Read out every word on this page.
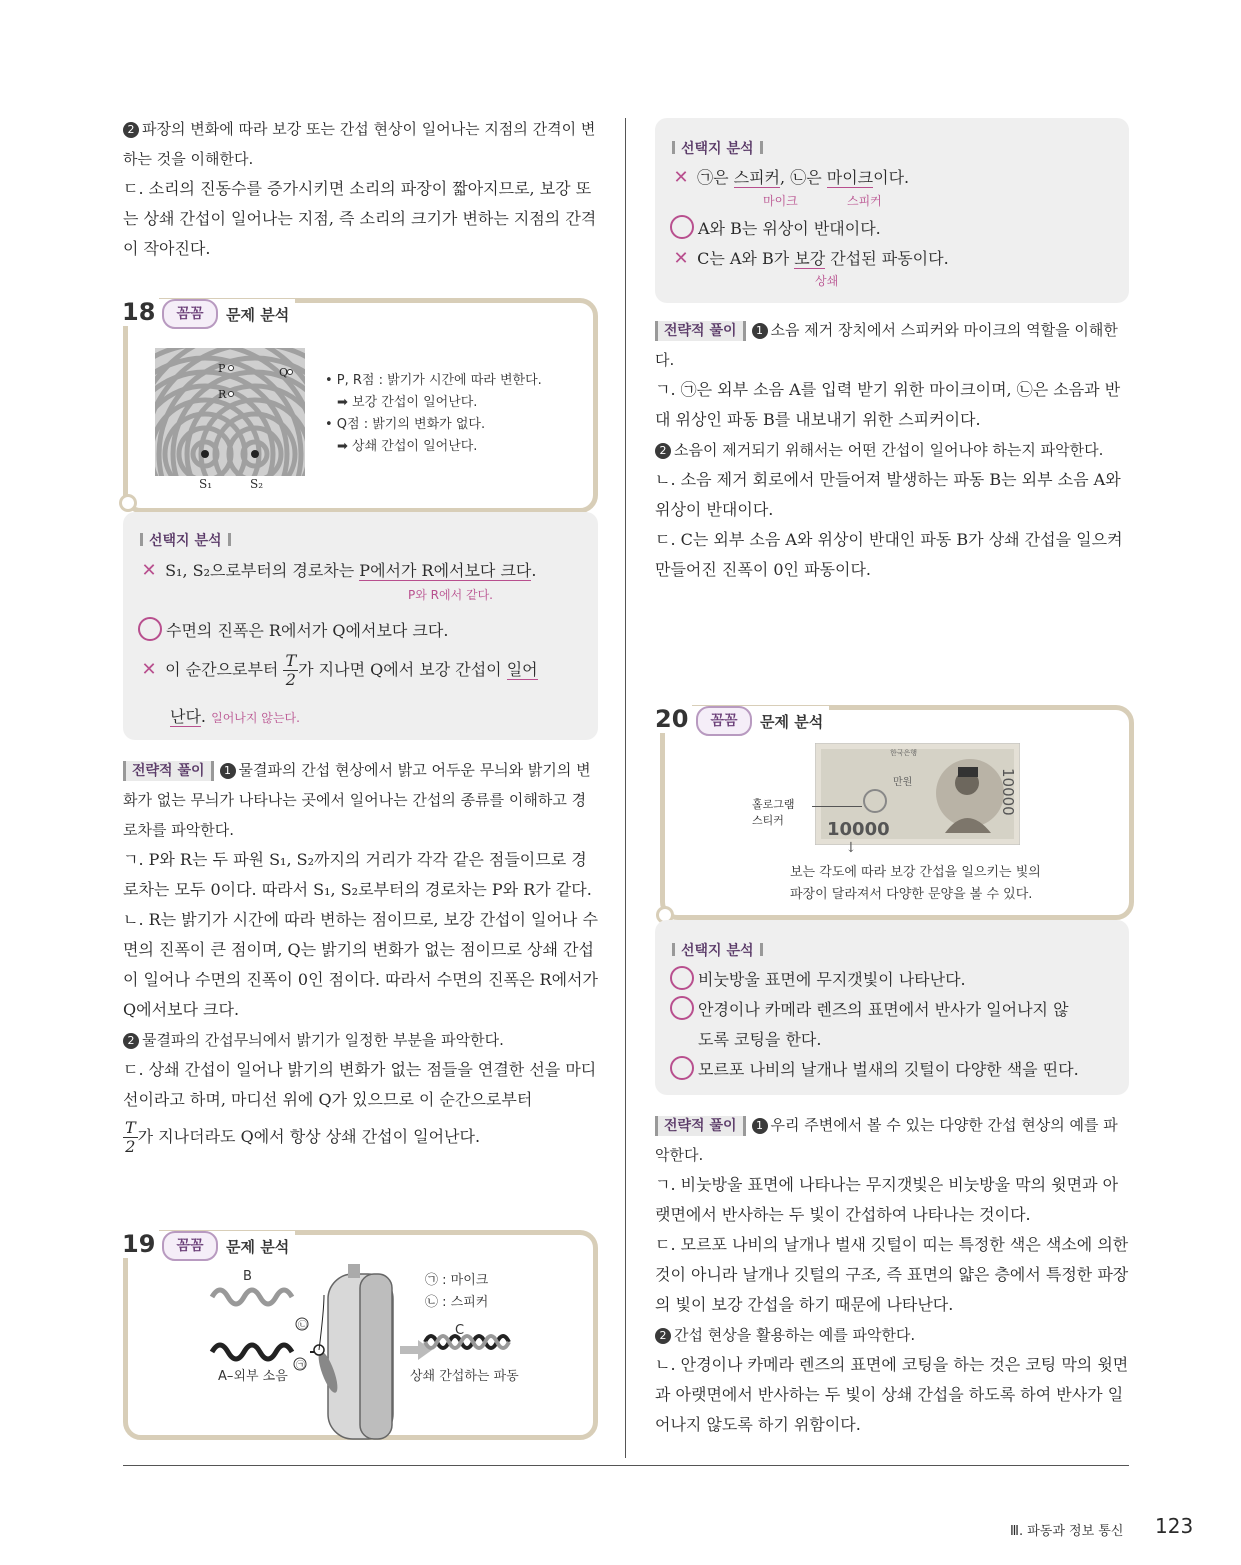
2 파장의 변화에 따라 보강 또는 간섭 현상이 일어나는 지점의 간격이 변하는 것을 이해한다.

ㄷ. 소리의 진동수를 증가시키면 소리의 파장이 짧아지므로, 보강 또는 상쇄 간섭이 일어나는 지점, 즉 소리의 크기가 변하는 지점의 간격이 작아진다.

18	꼼꼼	문제 분석
P
R
Q
S₁	S₂
• P, R점 : 밝기가 시간에 따라 변한다.
➡ 보강 간섭이 일어난다.
• Q점 : 밝기의 변화가 없다.
➡ 상쇄 간섭이 일어난다.
선택지 분석
✕ S₁, S₂으로부터의 경로차는 P에서가 R에서보다 크다.
P와 R에서 같다.
수면의 진폭은 R에서가 Q에서보다 크다.
✕ 이 순간으로부터 $\frac{T}{2}$ 가 지나면 Q에서 보강 간섭이 일어
난다. 일어나지 않는다.

전략적 풀이 1 물결파의 간섭 현상에서 밝고 어두운 무늬와 밝기의 변화가 없는 무늬가 나타나는 곳에서 일어나는 간섭의 종류를 이해하고 경로차를 파악한다.

ㄱ. P와 R는 두 파원 S₁, S₂까지의 거리가 각각 같은 점들이므로 경로차는 모두 0이다. 따라서 S₁, S₂로부터의 경로차는 P와 R가 같다.

ㄴ. R는 밝기가 시간에 따라 변하는 점이므로, 보강 간섭이 일어나 수면의 진폭이 큰 점이며, Q는 밝기의 변화가 없는 점이므로 상쇄 간섭이 일어나 수면의 진폭이 0인 점이다. 따라서 수면의 진폭은 R에서가 Q에서보다 크다.

2 물결파의 간섭무늬에서 밝기가 일정한 부분을 파악한다.

ㄷ. 상쇄 간섭이 일어나 밝기의 변화가 없는 점들을 연결한 선을 마디선이라고 하며, 마디선 위에 Q가 있으므로 이 순간으로부터

$\frac{T}{2}$ 가 지나더라도 Q에서 항상 상쇄 간섭이 일어난다.

19	꼼꼼	문제 분석
㉡
㉠
B
A–외부 소음
C
상쇄 간섭하는 파동
㉠ : 마이크
㉡ : 스피커
선택지 분석
✕ ㉠은 스피커, ㉡은 마이크이다.
마이크	스피커
A와 B는 위상이 반대이다.
✕ C는 A와 B가 보강 간섭된 파동이다.
상쇄

전략적 풀이 1 소음 제거 장치에서 스피커와 마이크의 역할을 이해한다.

ㄱ. ㉠은 외부 소음 A를 입력 받기 위한 마이크이며, ㉡은 소음과 반대 위상인 파동 B를 내보내기 위한 스피커이다.

2 소음이 제거되기 위해서는 어떤 간섭이 일어나야 하는지 파악한다.

ㄴ. 소음 제거 회로에서 만들어져 발생하는 파동 B는 외부 소음 A와 위상이 반대이다.

ㄷ. C는 외부 소음 A와 위상이 반대인 파동 B가 상쇄 간섭을 일으켜 만들어진 진폭이 0인 파동이다.

20	꼼꼼	문제 분석
한국은행
만원
10000
10000
홀로그램
스티커
↓
보는 각도에 따라 보강 간섭을 일으키는 빛의
파장이 달라져서 다양한 문양을 볼 수 있다.
선택지 분석
비눗방울 표면에 무지갯빛이 나타난다.
안경이나 카메라 렌즈의 표면에서 반사가 일어나지 않
도록 코팅을 한다.
모르포 나비의 날개나 벌새의 깃털이 다양한 색을 띤다.

전략적 풀이 1 우리 주변에서 볼 수 있는 다양한 간섭 현상의 예를 파악한다.

ㄱ. 비눗방울 표면에 나타나는 무지갯빛은 비눗방울 막의 윗면과 아랫면에서 반사하는 두 빛이 간섭하여 나타나는 것이다.

ㄷ. 모르포 나비의 날개나 벌새 깃털이 띠는 특정한 색은 색소에 의한 것이 아니라 날개나 깃털의 구조, 즉 표면의 얇은 층에서 특정한 파장의 빛이 보강 간섭을 하기 때문에 나타난다.

2 간섭 현상을 활용하는 예를 파악한다.

ㄴ. 안경이나 카메라 렌즈의 표면에 코팅을 하는 것은 코팅 막의 윗면과 아랫면에서 반사하는 두 빛이 상쇄 간섭을 하도록 하여 반사가 일어나지 않도록 하기 위함이다.

Ⅲ. 파동과 정보 통신 123
